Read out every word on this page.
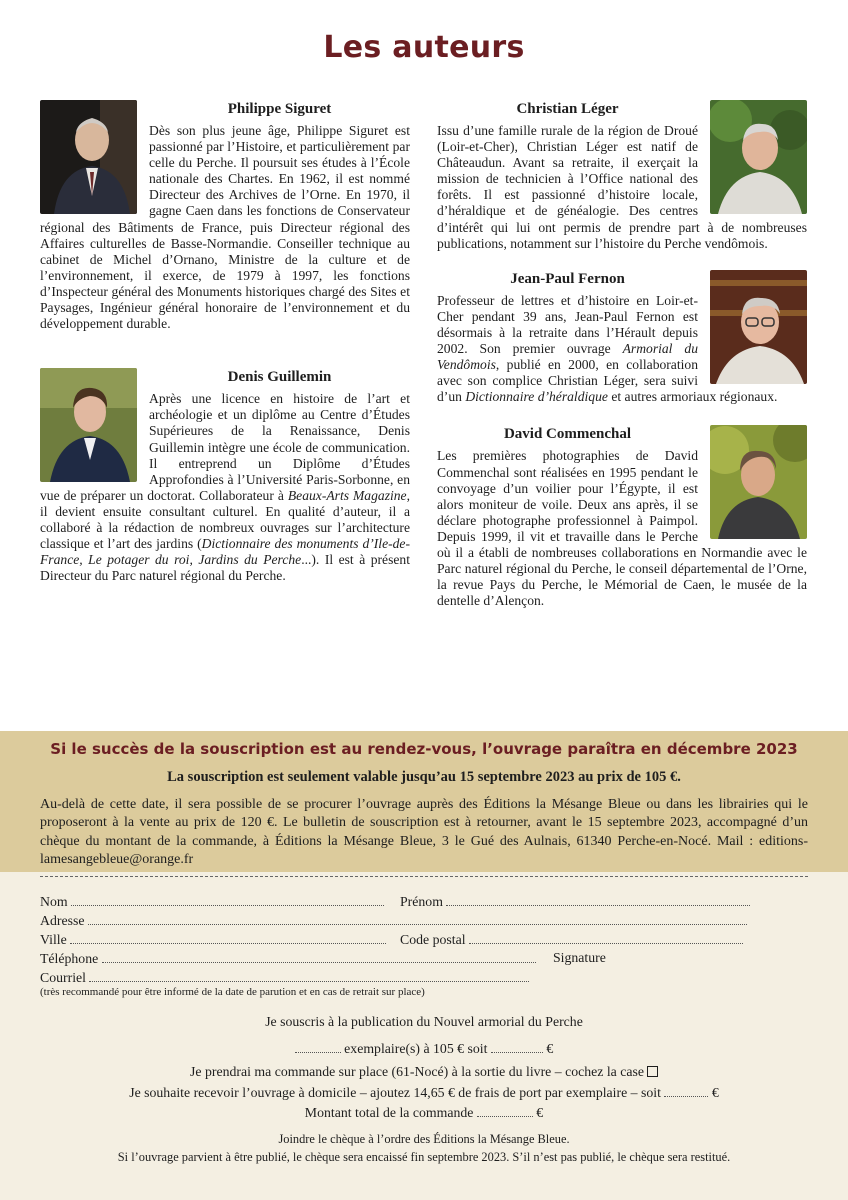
Les auteurs
Philippe Siguret

Dès son plus jeune âge, Philippe Siguret est passionné par l’Histoire, et particulièrement par celle du Perche. Il poursuit ses études à l’École nationale des Chartes. En 1962, il est nommé Directeur des Archives de l’Orne. En 1970, il gagne Caen dans les fonctions de Conservateur régional des Bâtiments de France, puis Directeur régional des Affaires culturelles de Basse-Normandie. Conseiller technique au cabinet de Michel d’Ornano, Ministre de la culture et de l’environnement, il exerce, de 1979 à 1997, les fonctions d’Inspecteur général des Monuments historiques chargé des Sites et Paysages, Ingénieur général honoraire de l’environnement et du développement durable.

Denis Guillemin

Après une licence en histoire de l’art et archéologie et un diplôme au Centre d’Études Supérieures de la Renaissance, Denis Guillemin intègre une école de communication. Il entreprend un Diplôme d’Études Approfondies à l’Université Paris-Sorbonne, en vue de préparer un doctorat. Collaborateur à Beaux-Arts Magazine, il devient ensuite consultant culturel. En qualité d’auteur, il a collaboré à la rédaction de nombreux ouvrages sur l’architecture classique et l’art des jardins (Dictionnaire des monuments d’Ile-de-France, Le potager du roi, Jardins du Perche...). Il est à présent Directeur du Parc naturel régional du Perche.

Christian Léger

Issu d’une famille rurale de la région de Droué (Loir-et-Cher), Christian Léger est natif de Châteaudun. Avant sa retraite, il exerçait la mission de technicien à l’Office national des forêts. Il est passionné d’histoire locale, d’héraldique et de généalogie. Des centres d’intérêt qui lui ont permis de prendre part à de nombreuses publications, notamment sur l’histoire du Perche vendômois.

Jean-Paul Fernon

Professeur de lettres et d’histoire en Loir-et-Cher pendant 39 ans, Jean-Paul Fernon est désormais à la retraite dans l’Hérault depuis 2002. Son premier ouvrage Armorial du Vendômois, publié en 2000, en collaboration avec son complice Christian Léger, sera suivi d’un Dictionnaire d’héraldique et autres armoriaux régionaux.

David Commenchal

Les premières photographies de David Commenchal sont réalisées en 1995 pendant le convoyage d’un voilier pour l’Égypte, il est alors moniteur de voile. Deux ans après, il se déclare photographe professionnel à Paimpol. Depuis 1999, il vit et travaille dans le Perche où il a établi de nombreuses collaborations en Normandie avec le Parc naturel régional du Perche, le conseil départemental de l’Orne, la revue Pays du Perche, le Mémorial de Caen, le musée de la dentelle d’Alençon.

Si le succès de la souscription est au rendez-vous, l’ouvrage paraîtra en décembre 2023
La souscription est seulement valable jusqu’au 15 septembre 2023 au prix de 105 €.
Au-delà de cette date, il sera possible de se procurer l’ouvrage auprès des Éditions la Mésange Bleue ou dans les librairies qui le proposeront à la vente au prix de 120 €. Le bulletin de souscription est à retourner, avant le 15 septembre 2023, accompagné d’un chèque du montant de la commande, à Éditions la Mésange Bleue, 3 le Gué des Aulnais, 61340 Perche-en-Nocé. Mail : editions-lamesangebleue@orange.fr
Nom	Prénom
Adresse
Ville	Code postal
Téléphone	Signature
Courriel
(très recommandé pour être informé de la date de parution et en cas de retrait sur place)
Je souscris à la publication du Nouvel armorial du Perche
exemplaire(s) à 105 € soit	€
Je prendrai ma commande sur place (61-Nocé) à la sortie du livre – cochez la case
Je souhaite recevoir l’ouvrage à domicile – ajoutez 14,65 € de frais de port par exemplaire – soit	€
Montant total de la commande	€
Joindre le chèque à l’ordre des Éditions la Mésange Bleue.
Si l’ouvrage parvient à être publié, le chèque sera encaissé fin septembre 2023. S’il n’est pas publié, le chèque sera restitué.
